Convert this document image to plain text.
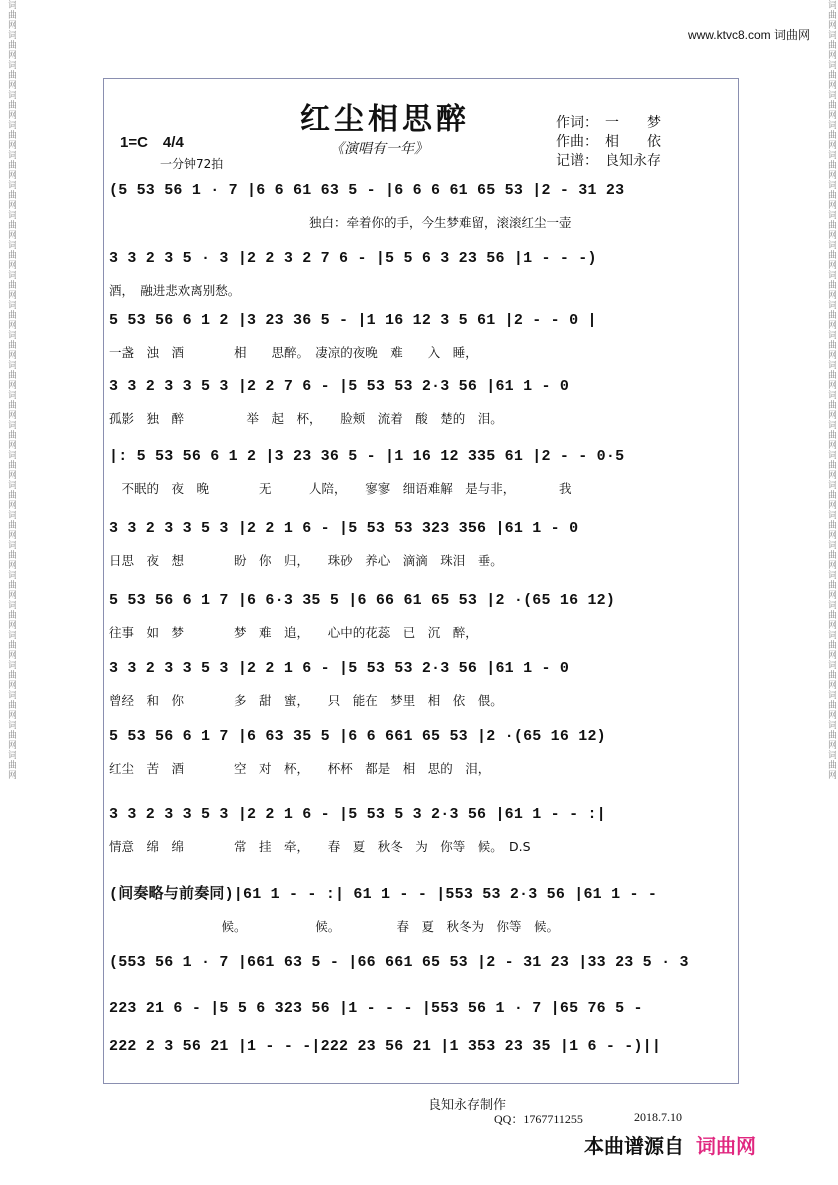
词曲网词曲网词曲网词曲网词曲网词曲网词曲网词曲网词曲网词曲网词曲网词曲网词曲网词曲网词曲网词曲网词曲网词曲网词曲网词曲网词曲网词曲网词曲网词曲网词曲网词曲网	词曲网词曲网词曲网词曲网词曲网词曲网词曲网词曲网词曲网词曲网词曲网词曲网词曲网词曲网词曲网词曲网词曲网词曲网词曲网词曲网词曲网词曲网词曲网词曲网词曲网词曲网
www.ktvc8.com 词曲网
红尘相思醉
《演唱有一年》
1=C　4/4
一分钟72拍
作词：　一　　梦
作曲：　相　　依
记谱：　良知永存
(5 53 56 1 · 7 |6 6 61 63 5 - |6 6 6 61 65 53 |2 - 31 23
　　　　　　　　　　　　　　　　独白：牵着你的手，今生梦难留，滚滚红尘一壶
3 3 2 3 5 · 3 |2 2 3 2 7 6 - |5 5 6 3 23 56 |1 - - -)
酒，　融进悲欢离别愁。
5 53 56 6 1 2 |3 23 36 5 - |1 16 12 3 5 61 |2 - - 0 |
一盏　浊　酒　　　　相　　思醉。　凄凉的夜晚　难　　入　睡，
3 3 2 3 3 5 3 |2 2 7 6 - |5 53 53 2·3 56 |61 1 - 0
孤影　独　醉　　　　　举　起　杯，　　脸颊　流着　酸　楚的　泪。
|: 5 53 56 6 1 2 |3 23 36 5 - |1 16 12 335 61 |2 - - 0·5
　不眠的　夜　晚　　　　无　　　人陪，　　寥寥　细语难解　是与非，　　　　我
3 3 2 3 3 5 3 |2 2 1 6 - |5 53 53 323 356 |61 1 - 0
日思　夜　想　　　　盼　你　归，　　珠砂　养心　滴滴　珠泪　垂。
5 53 56 6 1 7 |6 6·3 35 5 |6 66 61 65 53 |2 ·(65 16 12)
往事　如　梦　　　　梦　难　追，　　心中的花蕊　已　沉　醉，
3 3 2 3 3 5 3 |2 2 1 6 - |5 53 53 2·3 56 |61 1 - 0
曾经　和　你　　　　多　甜　蜜，　　只　能在　梦里　相　依　偎。
5 53 56 6 1 7 |6 63 35 5 |6 6 661 65 53 |2 ·(65 16 12)
红尘　苦　酒　　　　空　对　杯，　　杯杯　都是　相　思的　泪，
3 3 2 3 3 5 3 |2 2 1 6 - |5 53 5 3 2·3 56 |61 1 - - :|
情意　绵　绵　　　　常　挂　牵，　　春　夏　秋冬　为　你等　候。　D.S
(间奏略与前奏同)|61 1 - - :| 61 1 - - |553 53 2·3 56 |61 1 - -
　　　　　　　　　候。　　　　　　候。　　　　　春　夏　秋冬为　你等　候。
(553 56 1 · 7 |661 63 5 - |66 661 65 53 |2 - 31 23 |33 23 5 · 3
223 21 6 - |5 5 6 323 56 |1 - - - |553 56 1 · 7 |65 76 5 -
222 2 3 56 21 |1 - - -|222 23 56 21 |1 353 23 35 |1 6 - -)||
良知永存制作
QQ：1767711255	2018.7.10
本曲谱源自 词曲网
